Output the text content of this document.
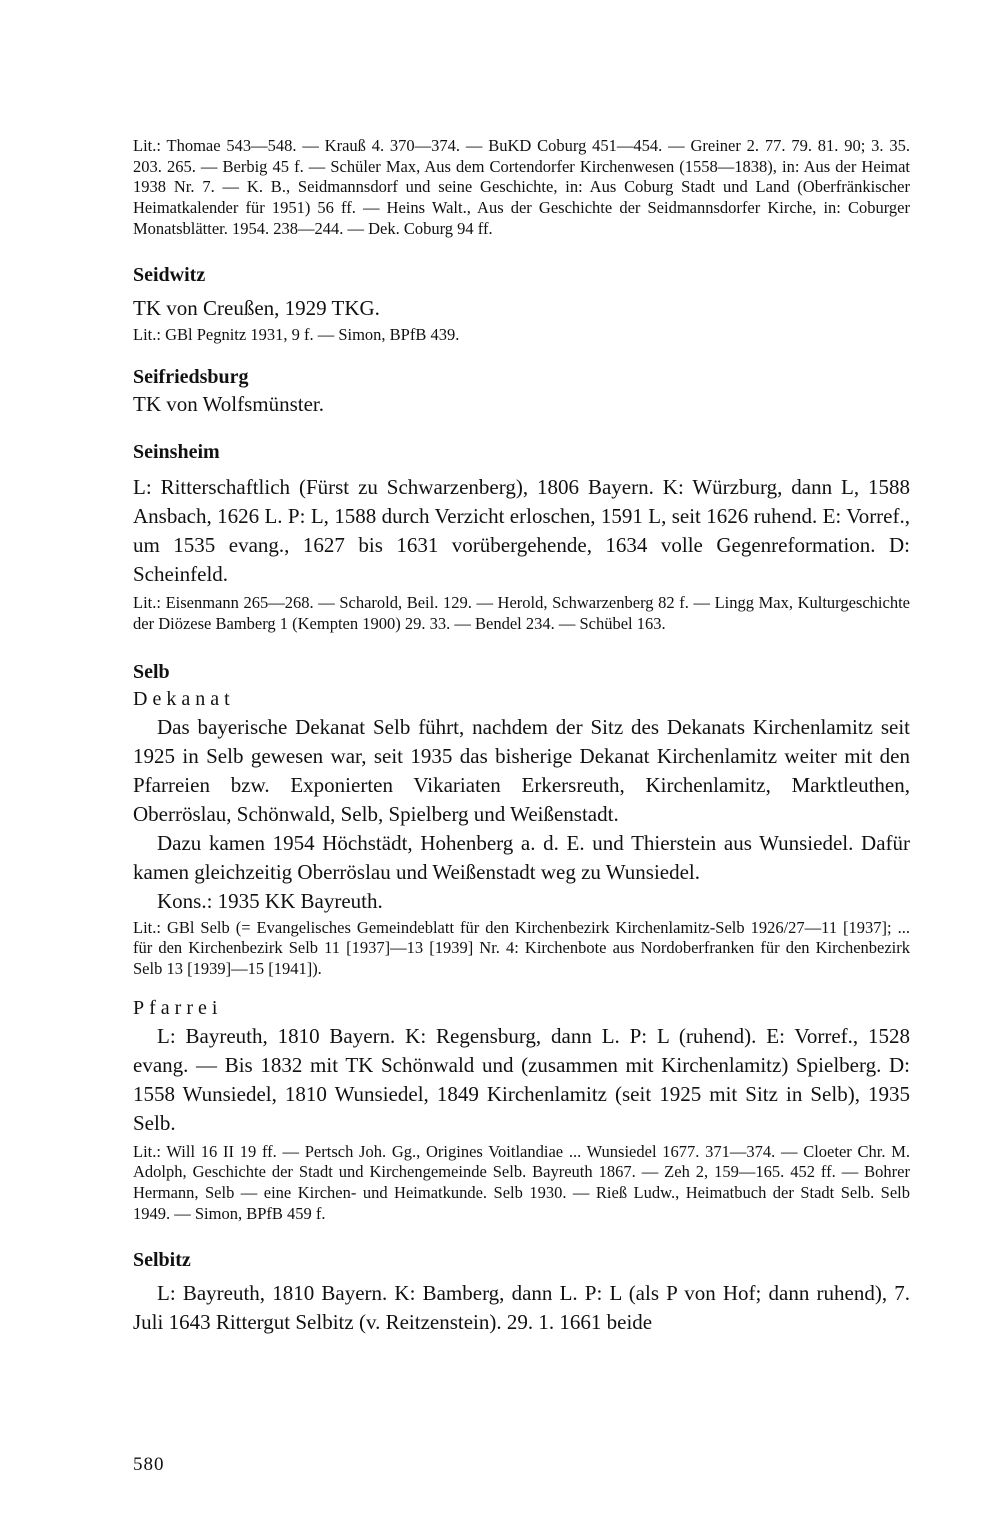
Lit.: Thomae 543—548. — Krauß 4. 370—374. — BuKD Coburg 451—454. — Greiner 2. 77. 79. 81. 90; 3. 35. 203. 265. — Berbig 45 f. — Schüler Max, Aus dem Cortendorfer Kirchenwesen (1558—1838), in: Aus der Heimat 1938 Nr. 7. — K. B., Seidmannsdorf und seine Geschichte, in: Aus Coburg Stadt und Land (Oberfränkischer Heimatkalender für 1951) 56 ff. — Heins Walt., Aus der Geschichte der Seidmannsdorfer Kirche, in: Coburger Monatsblätter. 1954. 238—244. — Dek. Coburg 94 ff.

Seidwitz

TK von Creußen, 1929 TKG.

Lit.: GBl Pegnitz 1931, 9 f. — Simon, BPfB 439.

Seifriedsburg

TK von Wolfsmünster.

Seinsheim

L: Ritterschaftlich (Fürst zu Schwarzenberg), 1806 Bayern. K: Würzburg, dann L, 1588 Ansbach, 1626 L. P: L, 1588 durch Verzicht erloschen, 1591 L, seit 1626 ruhend. E: Vorref., um 1535 evang., 1627 bis 1631 vorübergehende, 1634 volle Gegenreformation. D: Scheinfeld.

Lit.: Eisenmann 265—268. — Scharold, Beil. 129. — Herold, Schwarzenberg 82 f. — Lingg Max, Kulturgeschichte der Diözese Bamberg 1 (Kempten 1900) 29. 33. — Bendel 234. — Schübel 163.

Selb

Dekanat

Das bayerische Dekanat Selb führt, nachdem der Sitz des Dekanats Kirchenlamitz seit 1925 in Selb gewesen war, seit 1935 das bisherige Dekanat Kirchenlamitz weiter mit den Pfarreien bzw. Exponierten Vikariaten Erkersreuth, Kirchenlamitz, Marktleuthen, Oberröslau, Schönwald, Selb, Spielberg und Weißenstadt.

Dazu kamen 1954 Höchstädt, Hohenberg a. d. E. und Thierstein aus Wunsiedel. Dafür kamen gleichzeitig Oberröslau und Weißenstadt weg zu Wunsiedel.

Kons.: 1935 KK Bayreuth.

Lit.: GBl Selb (= Evangelisches Gemeindeblatt für den Kirchenbezirk Kirchenlamitz-Selb 1926/27—11 [1937]; ... für den Kirchenbezirk Selb 11 [1937]—13 [1939] Nr. 4: Kirchenbote aus Nordoberfranken für den Kirchenbezirk Selb 13 [1939]—15 [1941]).

Pfarrei

L: Bayreuth, 1810 Bayern. K: Regensburg, dann L. P: L (ruhend). E: Vorref., 1528 evang. — Bis 1832 mit TK Schönwald und (zusammen mit Kirchenlamitz) Spielberg. D: 1558 Wunsiedel, 1810 Wunsiedel, 1849 Kirchenlamitz (seit 1925 mit Sitz in Selb), 1935 Selb.

Lit.: Will 16 II 19 ff. — Pertsch Joh. Gg., Origines Voitlandiae ... Wunsiedel 1677. 371—374. — Cloeter Chr. M. Adolph, Geschichte der Stadt und Kirchengemeinde Selb. Bayreuth 1867. — Zeh 2, 159—165. 452 ff. — Bohrer Hermann, Selb — eine Kirchen- und Heimatkunde. Selb 1930. — Rieß Ludw., Heimatbuch der Stadt Selb. Selb 1949. — Simon, BPfB 459 f.

Selbitz

L: Bayreuth, 1810 Bayern. K: Bamberg, dann L. P: L (als P von Hof; dann ruhend), 7. Juli 1643 Rittergut Selbitz (v. Reitzenstein). 29. 1. 1661 beide

580
